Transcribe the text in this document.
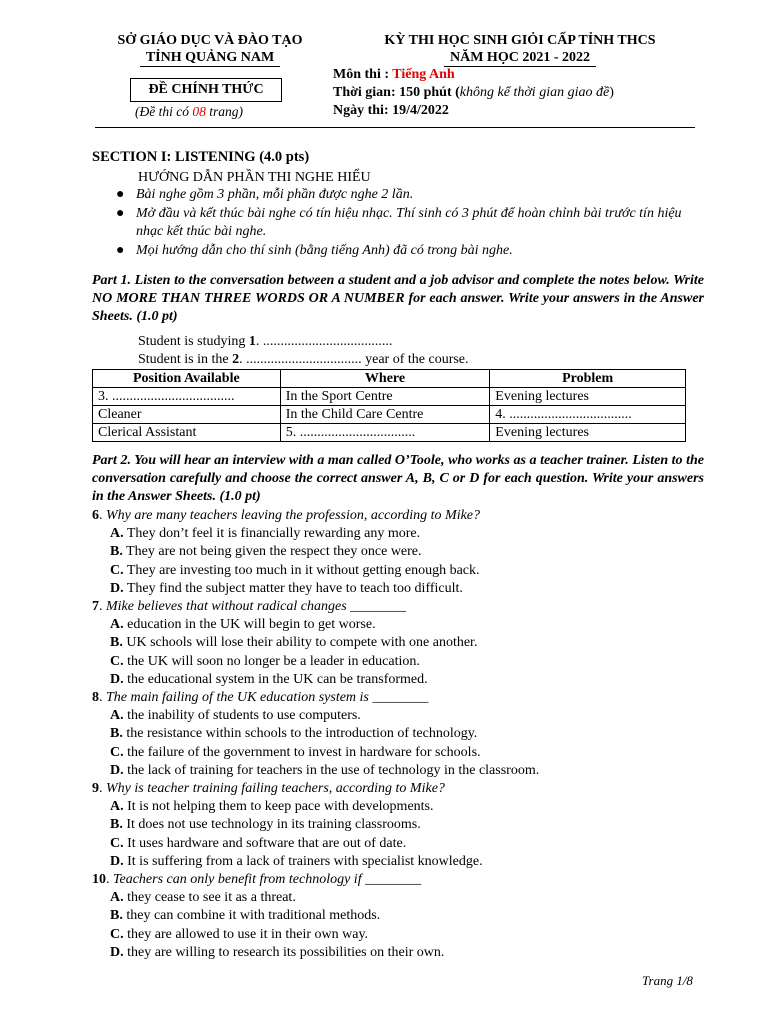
SỞ GIÁO DỤC VÀ ĐÀO TẠO
TỈNH QUẢNG NAM
ĐỀ CHÍNH THỨC
(Đề thi có 08 trang)
KỲ THI HỌC SINH GIỎI CẤP TỈNH THCS
NĂM HỌC 2021 - 2022
Môn thi : Tiếng Anh
Thời gian: 150 phút (không kể thời gian giao đề)
Ngày thi: 19/4/2022
SECTION I: LISTENING (4.0 pts)
HƯỚNG DẪN PHẦN THI NGHE HIỂU
● Bài nghe gồm 3 phần, mỗi phần được nghe 2 lần.
● Mở đầu và kết thúc bài nghe có tín hiệu nhạc. Thí sinh có 3 phút để hoàn chỉnh bài trước tín hiệu nhạc kết thúc bài nghe.
● Mọi hướng dẫn cho thí sinh (bằng tiếng Anh) đã có trong bài nghe.
Part 1. Listen to the conversation between a student and a job advisor and complete the notes below. Write NO MORE THAN THREE WORDS OR A NUMBER for each answer. Write your answers in the Answer Sheets. (1.0 pt)
Student is studying 1. .....................................
Student is in the 2. ................................. year of the course.
Position Available	Where	Problem
3. ...................................	In the Sport Centre	Evening lectures
Cleaner	In the Child Care Centre	4. ...................................
Clerical Assistant	5. .................................	Evening lectures
Part 2. You will hear an interview with a man called O’Toole, who works as a teacher trainer. Listen to the conversation carefully and choose the correct answer A, B, C or D for each question. Write your answers in the Answer Sheets. (1.0 pt)
6. Why are many teachers leaving the profession, according to Mike?
A. They don’t feel it is financially rewarding any more.
B. They are not being given the respect they once were.
C. They are investing too much in it without getting enough back.
D. They find the subject matter they have to teach too difficult.
7. Mike believes that without radical changes ________
A. education in the UK will begin to get worse.
B. UK schools will lose their ability to compete with one another.
C. the UK will soon no longer be a leader in education.
D. the educational system in the UK can be transformed.
8. The main failing of the UK education system is ________
A. the inability of students to use computers.
B. the resistance within schools to the introduction of technology.
C. the failure of the government to invest in hardware for schools.
D. the lack of training for teachers in the use of technology in the classroom.
9. Why is teacher training failing teachers, according to Mike?
A. It is not helping them to keep pace with developments.
B. It does not use technology in its training classrooms.
C. It uses hardware and software that are out of date.
D. It is suffering from a lack of trainers with specialist knowledge.
10. Teachers can only benefit from technology if ________
A. they cease to see it as a threat.
B. they can combine it with traditional methods.
C. they are allowed to use it in their own way.
D. they are willing to research its possibilities on their own.
Trang 1/8
